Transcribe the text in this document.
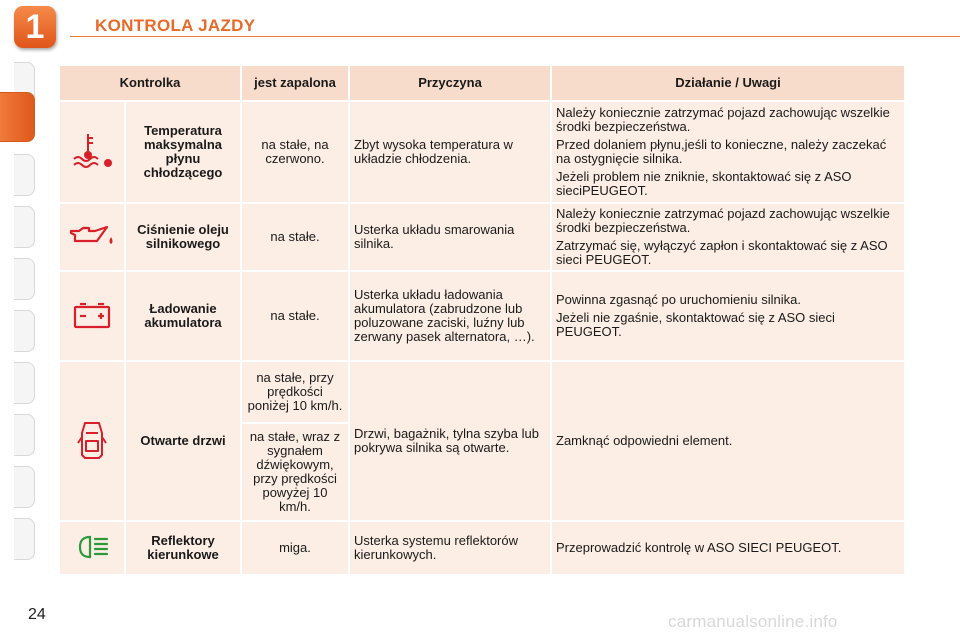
1	KONTROLA JAZDY
Kontrolka		jest zapalona	Przyczyna	Działanie / Uwagi
	Temperatura maksymalna płynu chłodzącego	na stałe, na czerwono.	Zbyt wysoka temperatura w układzie chłodzenia.	Należy koniecznie zatrzymać pojazd zachowując wszelkie środki bezpieczeństwa.

Przed dolaniem płynu,jeśli to konieczne, należy zaczekać na ostygnięcie silnika.

Jeżeli problem nie zniknie, skontaktować się z ASO sieciPEUGEOT.

	Ciśnienie oleju silnikowego	na stałe.	Usterka układu smarowania silnika.	Należy koniecznie zatrzymać pojazd zachowując wszelkie środki bezpieczeństwa.

Zatrzymać się, wyłączyć zapłon i skontaktować się z ASO sieci PEUGEOT.

	Ładowanie akumulatora	na stałe.	Usterka układu ładowania akumulatora (zabrudzone lub poluzowane zaciski, luźny lub zerwany pasek alternatora, …).	Powinna zgasnąć po uruchomieniu silnika.

Jeżeli nie zgaśnie, skontaktować się z ASO sieci PEUGEOT.

	Otwarte drzwi	na stałe, przy prędkości poniżej 10 km/h.	Drzwi, bagażnik, tylna szyba lub pokrywa silnika są otwarte.	Zamknąć odpowiedni element.

		na stałe, wraz z sygnałem dźwiękowym, przy prędkości powyżej 10 km/h.		
	Reflektory kierunkowe	miga.	Usterka systemu reflektorów kierunkowych.	Przeprowadzić kontrolę w ASO SIECI PEUGEOT.

24	carmanualsonline.info
